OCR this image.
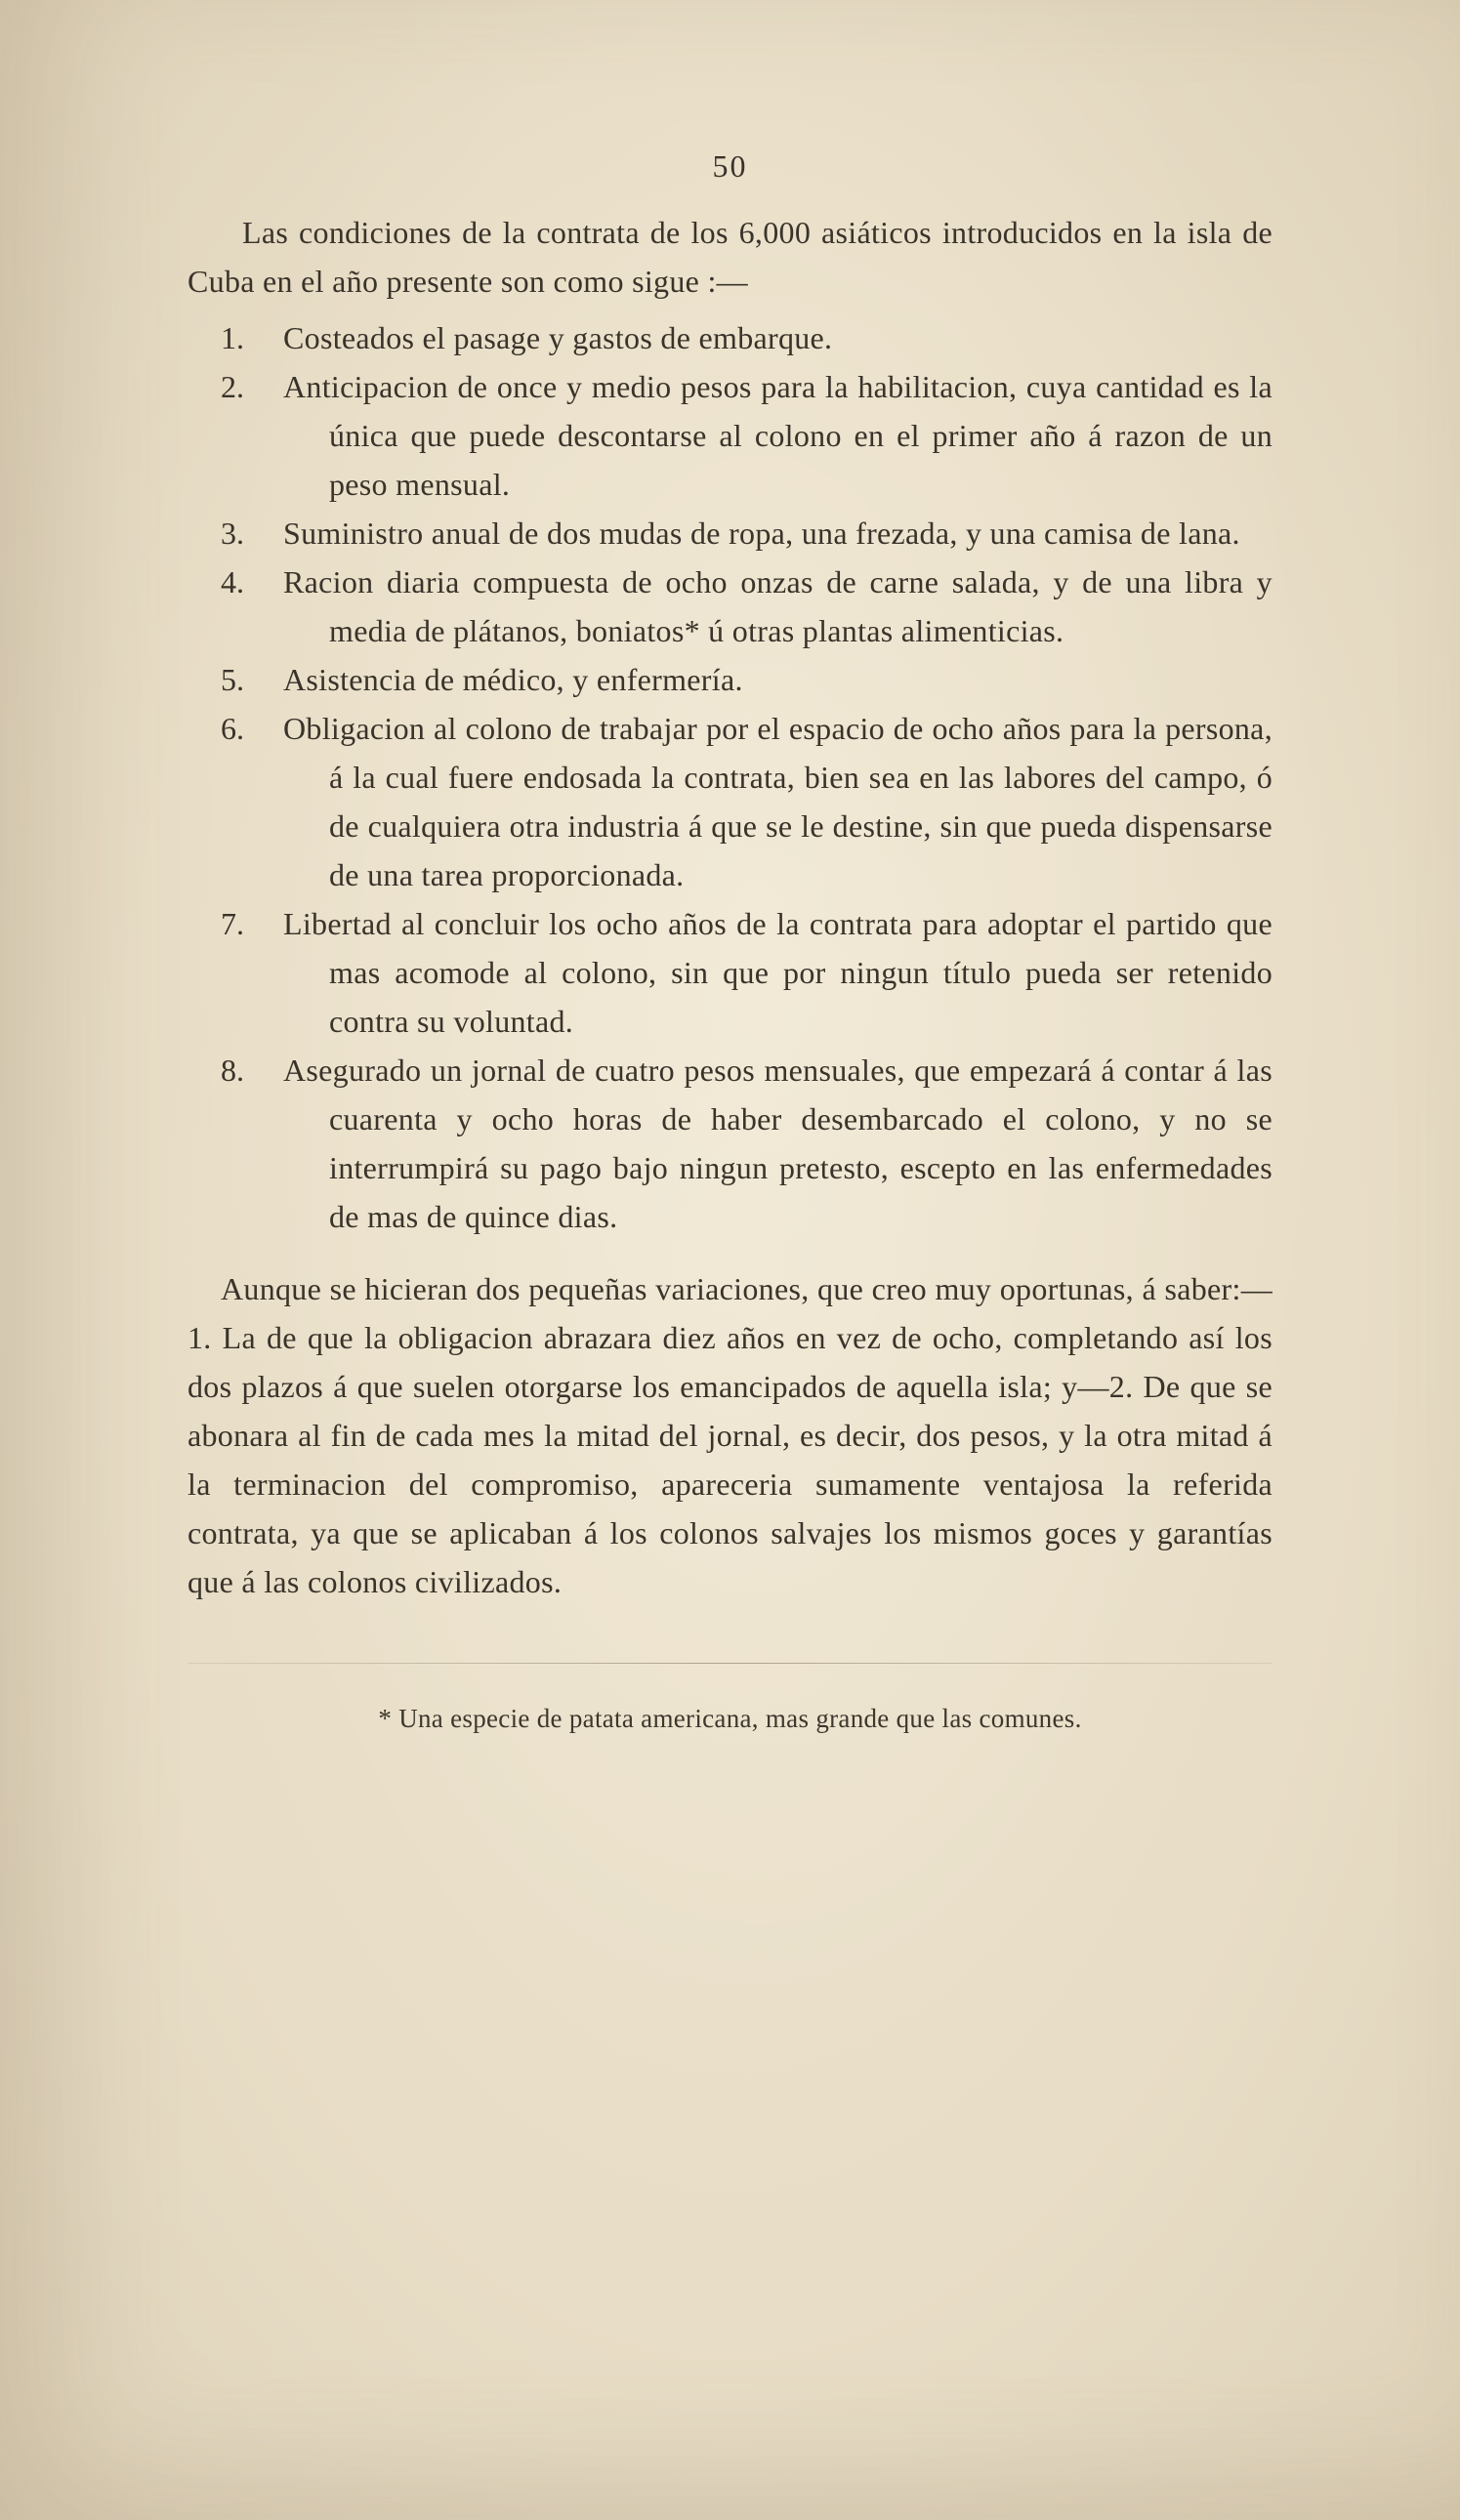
50

Las condiciones de la contrata de los 6,000 asiáticos introducidos en la isla de Cuba en el año presente son como sigue :—

1.	Costeados el pasage y gastos de embarque.
2.	Anticipacion de once y medio pesos para la habilitacion, cuya cantidad es la única que puede descontarse al colono en el primer año á razon de un peso mensual.
3.	Suministro anual de dos mudas de ropa, una frezada, y una camisa de lana.
4.	Racion diaria compuesta de ocho onzas de carne salada, y de una libra y media de plátanos, boniatos* ú otras plantas alimenticias.
5.	Asistencia de médico, y enfermería.
6.	Obligacion al colono de trabajar por el espacio de ocho años para la persona, á la cual fuere endosada la contrata, bien sea en las labores del campo, ó de cualquiera otra industria á que se le destine, sin que pueda dispensarse de una tarea proporcionada.
7.	Libertad al concluir los ocho años de la contrata para adoptar el partido que mas acomode al colono, sin que por ningun título pueda ser retenido contra su voluntad.
8.	Asegurado un jornal de cuatro pesos mensuales, que empezará á contar á las cuarenta y ocho horas de haber desembarcado el colono, y no se interrumpirá su pago bajo ningun pretesto, escepto en las enfermedades de mas de quince dias.

Aunque se hicieran dos pequeñas variaciones, que creo muy oportunas, á saber:—1. La de que la obligacion abrazara diez años en vez de ocho, completando así los dos plazos á que suelen otorgarse los emancipados de aquella isla; y—2. De que se abonara al fin de cada mes la mitad del jornal, es decir, dos pesos, y la otra mitad á la terminacion del compromiso, apareceria sumamente ventajosa la referida contrata, ya que se aplicaban á los colonos salvajes los mismos goces y garantías que á las colonos civilizados.

* Una especie de patata americana, mas grande que las comunes.
